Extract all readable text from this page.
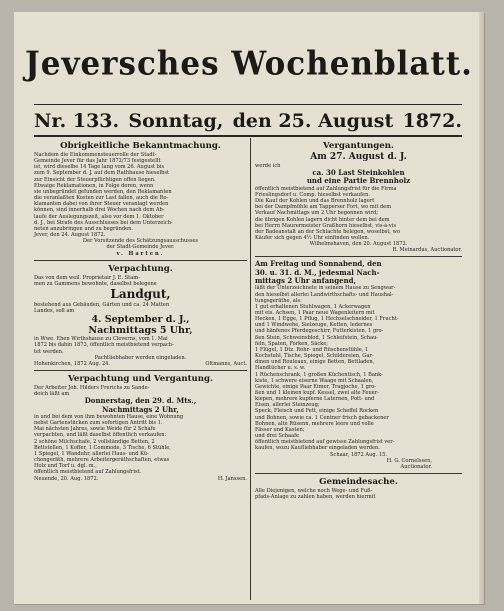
Jeversches Wochenblatt.
Nr. 133. Sonntag, den 25. August 1872.
Obrigkeitliche Bekanntmachung.
Nachdem die Einkommensteuerrolle der Stadt-
Gemeinde Jever für das Jahr 1872/73 festgestellt
ist, wird dieselbe 14 Tage lang vom 26. August bis
zum 9. September d. J. auf dem Rathhause hieselbst
zur Einsicht der Steuerpflichtigen offen liegen.
Etwaige Reklamationen, in Folge deren, wenn
sie unbegründet gefunden werden, den Reklamanten
die veranlaßten Kosten zur Last fallen, auch die Re-
klamanten dabei von ihrer Steuer veranlagt werden
können, sind innerhalb drei Wochen nach dem Ab-
laufe der Auslegungszeit, also vor dem 1. Oktober
d. J., bei Strafe des Ausschlusses bei dem Unterzeich-
neten anzubringen und zu begründen.
Jever, den 24. August 1872.
Der Vorsitzende des Schätzungsausschusses
der Stadt-Gemeinde Jever.
v. Harten.
Verpachtung.
Das von dem weil. Proprietair J. E. Stam-
men zu Gammens bewohnte, daselbst belegene
Landgut,
bestehend aus Gebäuden, Gärten und ca. 24 Matten
Landes, soll am
4. September d. J.,
Nachmittags 5 Uhr,
in Wwe. Ehen Wirthshause zu Cleverns, vom 1. Mai
1872 bis dahin 1873, öffentlich meistbietend verpach-
tet werden.
Pachtliebhaber werden eingeladen.
Hohenkirchen, 1872 Aug. 24.	Oltmanns, Auct.
Verpachtung und Vergantung.
Der Arbeiter Joh. Hilders Frerichs zu Sande-
deich läßt am
Donnerstag, den 29. d. Mts.,
Nachmittags 2 Uhr,
in und bei dem von ihm bewohnten Hause, eine Wohnung
nebst Gartenstücken zum sofortigen Antritt bis 1.
Mai nächsten Jahres, sowie Weide für 2 Schafe
verpachten, und läßt daselbst öffentlich verkaufen:
2 schöne Milchschafe, 2 vollständige Betten, 2
Bettstellen, 1 Koffer, 1 Commode, 3 Tische, 6 Stühle,
1 Spiegel, 1 Wanduhr, allerlei Haus- und Kü-
chengeräth, mehrere Arbeitergeräthschaften, etwas
Holz und Torf u. dgl. m.,
öffentlich meistbietend auf Zahlungsfrist.
Neuende, 20. Aug. 1872.	H. Janssen.
Vergantungen.
Am 27. August d. J.
werde ich
ca. 30 Last Steinkohlen
und eine Partie Brennholz
öffentlich meistbietend auf Zahlungsfrist für die Firma
Frieslingsdorf u. Comp. hieselbst verkaufen.
Die Kauf der Kohlen und das Brennholz lagert
bei der Dampfmühle am Tapperser Fort, wo mit dem
Verkauf Nachmittags um 2 Uhr begonnen wird;
die übrigen Kohlen lagern dicht hinter dem bei dem
bei Herrn Maurermeister Graßhorn hieselbst, vis-à-vis
der Badeanstalt an der Schlachte belegen, woselbst, wo
Käufer sich gegen 4½ Uhr einfinden wollen.
Wilhelmshaven, den 20. August 1872.
R. Meinardus, Auctionator.
Am Freitag und Sonnabend, den
30. u. 31. d. M., jedesmal Nach-
mittags 2 Uhr anfangend,
läßt der Unterzeichnete in seinem Hause zu Sengwar-
den hieselbst allerlei Landwirthschafts- und Haushal-
tungsgeräthe, als:
1 gut erhaltenen Stuhlwagen, 1 Ackerwagen
mit eis. Achsen, 1 Paar neue Wagenleitern mit
Hecken, 1 Egge, 1 Pflug, 1 Hechselschneider, 1 Frucht-
und 1 Windwehe, Sielzeuge, Ketten, ledernes
und hänfenes Pferdegeschirr, Futterkisten, 1 gro-
ßen Stein, Schweinsblod, 1 Schleifstein, Schau-
feln, Spaten, Forken, Säcke;
1 Flügel, 1 Dtz. Rohr- und Rüschenstühle, 1
Kochstuhl, Tische, Spiegel, Schildereien, Gar-
dinen und Rouleaux, einige Betten, Bettladen,
Handtücher u. s. w.
1 Rüchenschrank, 1 großen Küchentisch, 1 Bank-
kiste, 1 schwere eiserne Waage mit Schaalen,
Gewichte, einige Paar Eimer, Tragjoche, 1 gro-
ßen und 1 kleinen kupf. Kessel, zwei alte Feuer-
kiepen, mehrere kupferne Laternen, Pott- und
Eisen, allerlei Steinzeug;
Speck, Fleisch und Fett, einige Scheffel Rocken
und Bohnen, sowie ca. 1 Centner frisch gebackener
Bohnen, alte Rüsenn, mehrere leere und volle
Fässer und Kasten;
und drei Schaafe
öffentlich meistbietend auf gewisse Zahlungsfrist ver-
kaufen, wozu Kaufliebhaber eingeladen werden.
Schaar, 1872 Aug. 15.
H. G. Cornelssen,
Auctionator.
Gemeindesache.
Alle Diejenigen, welche noch Wege- und Fuß-
pfads-Anlage zu zahlen haben, werden hiermit
